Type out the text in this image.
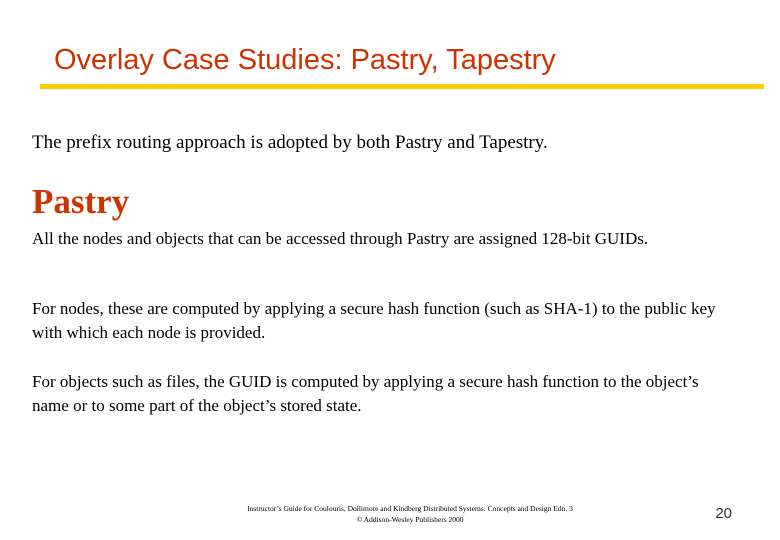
Overlay Case Studies: Pastry, Tapestry
The prefix routing approach is adopted by both Pastry and Tapestry.
Pastry
All the nodes and objects that can be accessed through Pastry are assigned 128-bit GUIDs.
For nodes, these are computed by applying a secure hash function (such as SHA-1) to the public key with which each node is provided.
For objects such as files, the GUID is computed by applying a secure hash function to the object’s name or to some part of the object’s stored state.
Instructor’s Guide for Coulouris, Dollimore and Kindberg Distributed Systems: Concepts and Design Edn. 3
© Addison-Wesley Publishers 2000	20
